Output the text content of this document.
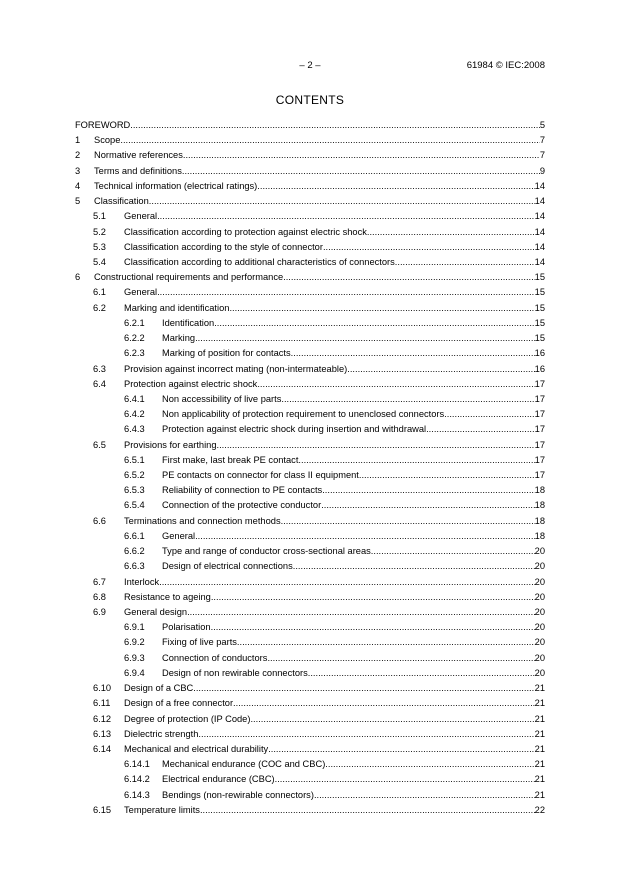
– 2 –	61984 © IEC:2008
CONTENTS
FOREWORD .....	5
1 Scope .....	7
2 Normative references .....	7
3 Terms and definitions .....	9
4 Technical information (electrical ratings) .....	14
5 Classification .....	14
5.1 General .....	14
5.2 Classification according to protection against electric shock .....	14
5.3 Classification according to the style of connector .....	14
5.4 Classification according to additional characteristics of connectors .....	14
6 Constructional requirements and performance .....	15
6.1 General .....	15
6.2 Marking and identification .....	15
6.2.1 Identification .....	15
6.2.2 Marking .....	15
6.2.3 Marking of position for contacts .....	16
6.3 Provision against incorrect mating (non-intermateable) .....	16
6.4 Protection against electric shock .....	17
6.4.1 Non accessibility of live parts .....	17
6.4.2 Non applicability of protection requirement to unenclosed connectors .....	17
6.4.3 Protection against electric shock during insertion and withdrawal .....	17
6.5 Provisions for earthing .....	17
6.5.1 First make, last break PE contact .....	17
6.5.2 PE contacts on connector for class II equipment .....	17
6.5.3 Reliability of connection to PE contacts .....	18
6.5.4 Connection of the protective conductor .....	18
6.6 Terminations and connection methods .....	18
6.6.1 General .....	18
6.6.2 Type and range of conductor cross-sectional areas .....	20
6.6.3 Design of electrical connections .....	20
6.7 Interlock .....	20
6.8 Resistance to ageing .....	20
6.9 General design .....	20
6.9.1 Polarisation .....	20
6.9.2 Fixing of live parts .....	20
6.9.3 Connection of conductors .....	20
6.9.4 Design of non rewirable connectors .....	20
6.10 Design of a CBC .....	21
6.11 Design of a free connector .....	21
6.12 Degree of protection (IP Code) .....	21
6.13 Dielectric strength .....	21
6.14 Mechanical and electrical durability .....	21
6.14.1 Mechanical endurance (COC and CBC) .....	21
6.14.2 Electrical endurance (CBC) .....	21
6.14.3 Bendings (non-rewirable connectors) .....	21
6.15 Temperature limits .....	22
